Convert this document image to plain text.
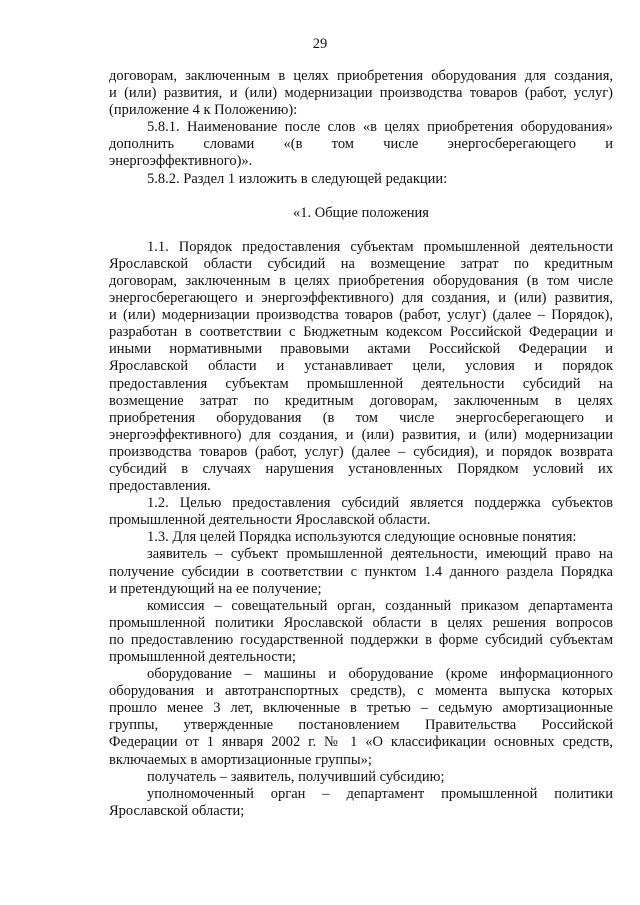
29
договорам, заключенным в целях приобретения оборудования для создания,
и (или) развития, и (или) модернизации производства товаров (работ, услуг)
(приложение 4 к Положению):
5.8.1. Наименование после слов «в целях приобретения оборудования»
дополнить словами «(в том числе энергосберегающего и
энергоэффективного)».
5.8.2. Раздел 1 изложить в следующей редакции:
«1. Общие положения
1.1. Порядок предоставления субъектам промышленной деятельности
Ярославской области субсидий на возмещение затрат по кредитным
договорам, заключенным в целях приобретения оборудования (в том числе
энергосберегающего и энергоэффективного) для создания, и (или) развития,
и (или) модернизации производства товаров (работ, услуг) (далее – Порядок),
разработан в соответствии с Бюджетным кодексом Российской Федерации и
иными нормативными правовыми актами Российской Федерации и
Ярославской области и устанавливает цели, условия и порядок
предоставления субъектам промышленной деятельности субсидий на
возмещение затрат по кредитным договорам, заключенным в целях
приобретения оборудования (в том числе энергосберегающего и
энергоэффективного) для создания, и (или) развития, и (или) модернизации
производства товаров (работ, услуг) (далее – субсидия), и порядок возврата
субсидий в случаях нарушения установленных Порядком условий их
предоставления.
1.2. Целью предоставления субсидий является поддержка субъектов
промышленной деятельности Ярославской области.
1.3. Для целей Порядка используются следующие основные понятия:
заявитель – субъект промышленной деятельности, имеющий право на
получение субсидии в соответствии с пунктом 1.4 данного раздела Порядка
и претендующий на ее получение;
комиссия – совещательный орган, созданный приказом департамента
промышленной политики Ярославской области в целях решения вопросов
по предоставлению государственной поддержки в форме субсидий субъектам
промышленной деятельности;
оборудование – машины и оборудование (кроме информационного
оборудования и автотранспортных средств), с момента выпуска которых
прошло менее 3 лет, включенные в третью – седьмую амортизационные
группы, утвержденные постановлением Правительства Российской
Федерации от 1 января 2002 г. № 1 «О классификации основных средств,
включаемых в амортизационные группы»;
получатель – заявитель, получивший субсидию;
уполномоченный орган – департамент промышленной политики
Ярославской области;
